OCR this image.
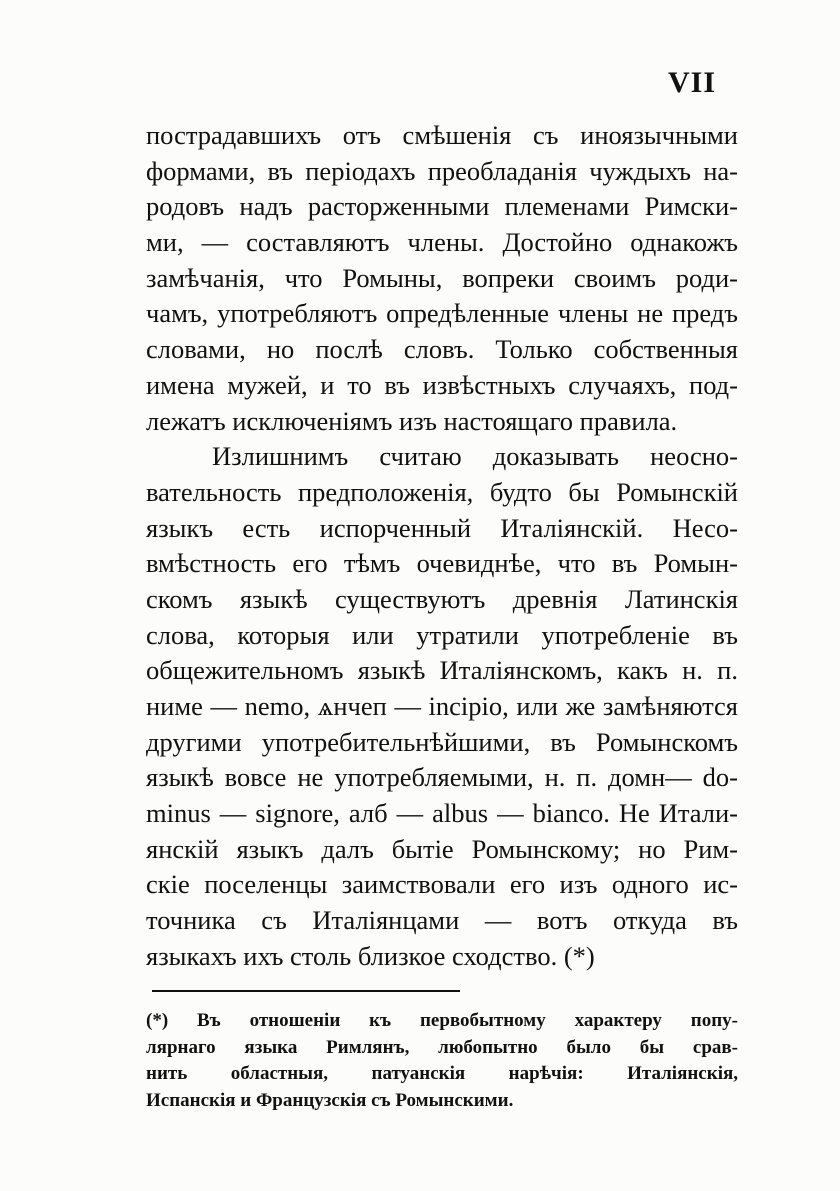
VII
пострадавшихъ отъ смѣшенія съ иноязычными
формами, въ періодахъ преобладанія чуждыхъ на-
родовъ надъ расторженными племенами Римски-
ми, — составляютъ члены. Достойно однакожъ
замѣчанія, что Ромыны, вопреки своимъ роди-
чамъ, употребляютъ опредѣленные члены не предъ
словами, но послѣ словъ. Только собственныя
имена мужей, и то въ извѣстныхъ случаяхъ, под-
лежатъ исключеніямъ изъ настоящаго правила.
Излишнимъ считаю доказывать неосно-
вательность предположенія, будто бы Ромынскій
языкъ есть испорченный Италіянскій. Несо-
вмѣстность его тѣмъ очевиднѣе, что въ Ромын-
скомъ языкѣ существуютъ древнія Латинскія
слова, которыя или утратили употребленіе въ
общежительномъ языкѣ Италіянскомъ, какъ н. п.
ниме — nemo, ѧнчеп — incipio, или же замѣняются
другими употребительнѣйшими, въ Ромынскомъ
языкѣ вовсе не употребляемыми, н. п. домн— do-
minus — signore, алб — albus — bianco. Не Итали-
янскій языкъ далъ бытіе Ромынскому; но Рим-
скіе поселенцы заимствовали его изъ одного ис-
точника съ Италіянцами — вотъ откуда въ
языкахъ ихъ столь близкое сходство. (*)
(*) Въ отношеніи къ первобытному характеру попу-
лярнаго языка Римлянъ, любопытно было бы срав-
нить областныя, патуанскія нарѣчія: Италіянскія,
Испанскія и Французскія съ Ромынскими.
